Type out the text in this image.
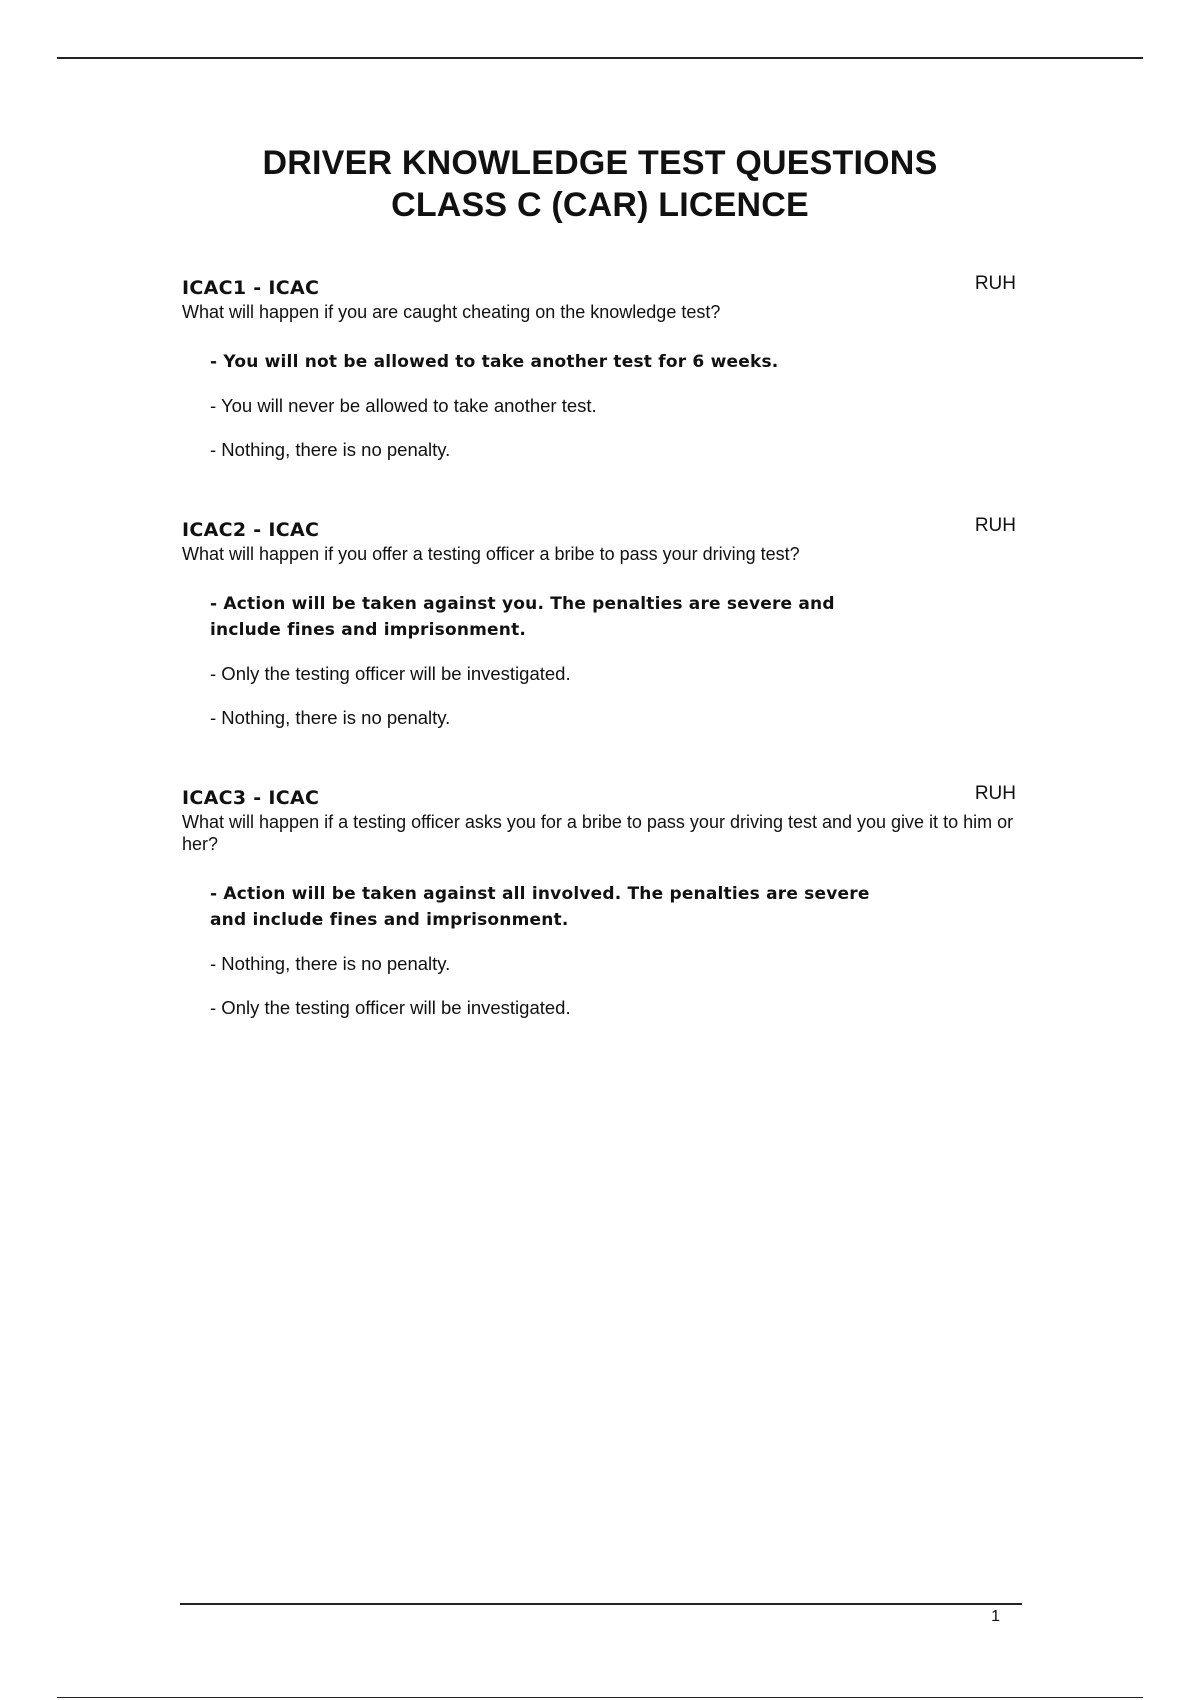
DRIVER KNOWLEDGE TEST QUESTIONS
CLASS C (CAR) LICENCE
ICAC1 - ICAC	RUH
What will happen if you are caught cheating on the knowledge test?
- You will not be allowed to take another test for 6 weeks.
- You will never be allowed to take another test.
- Nothing, there is no penalty.
ICAC2 - ICAC	RUH
What will happen if you offer a testing officer a bribe to pass your driving test?
- Action will be taken against you. The penalties are severe and include fines and imprisonment.
- Only the testing officer will be investigated.
- Nothing, there is no penalty.
ICAC3 - ICAC	RUH
What will happen if a testing officer asks you for a bribe to pass your driving test and you give it to him or her?
- Action will be taken against all involved. The penalties are severe and include fines and imprisonment.
- Nothing, there is no penalty.
- Only the testing officer will be investigated.
1
